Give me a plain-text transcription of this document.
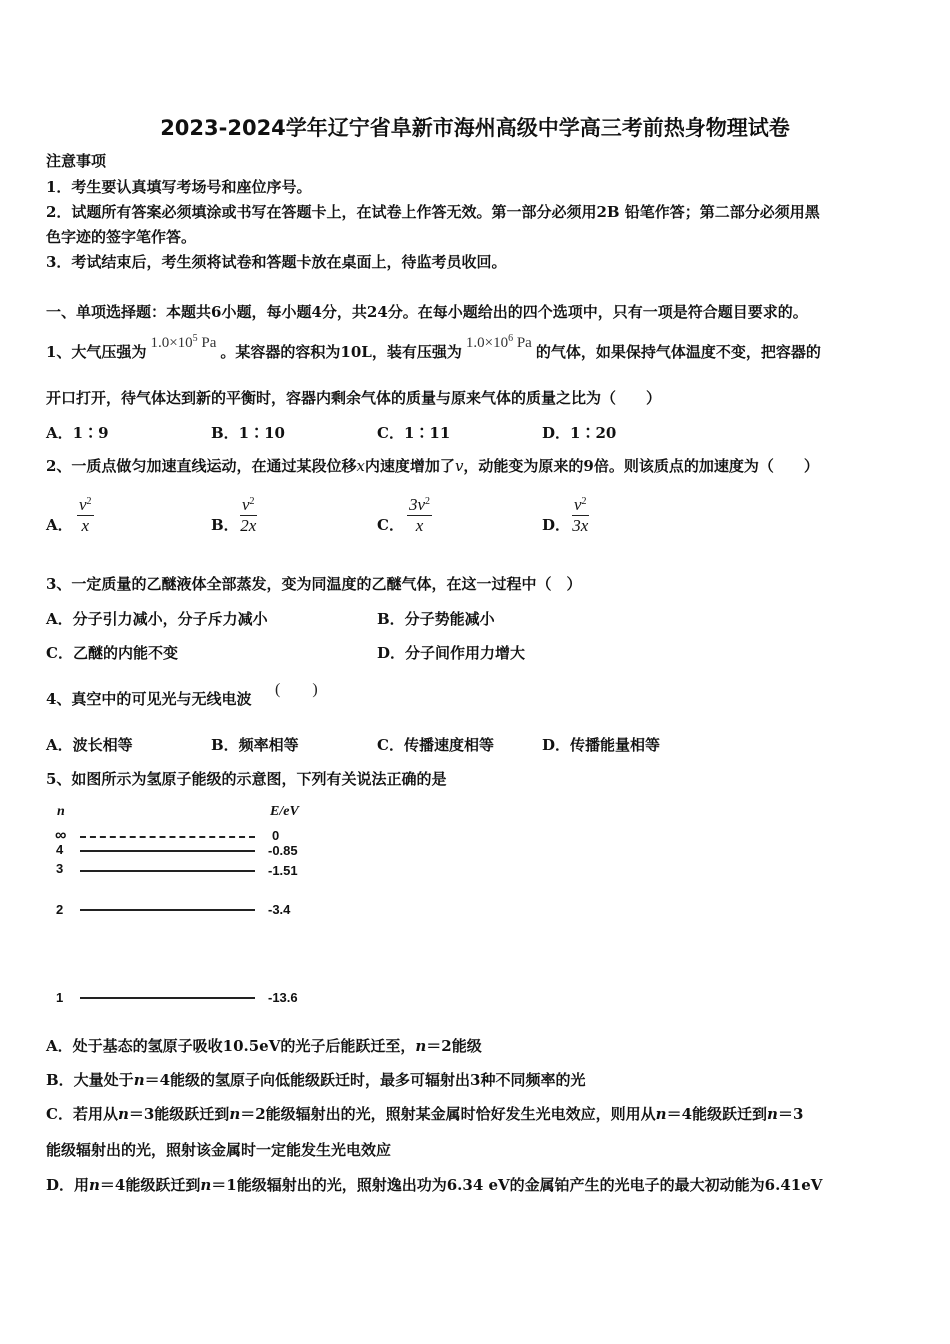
2023-2024学年辽宁省阜新市海州高级中学高三考前热身物理试卷
注意事项
1．考生要认真填写考场号和座位序号。
2．试题所有答案必须填涂或书写在答题卡上，在试卷上作答无效。第一部分必须用2B 铅笔作答；第二部分必须用黑
色字迹的签字笔作答。
3．考试结束后，考生须将试卷和答题卡放在桌面上，待监考员收回。
一、单项选择题：本题共6小题，每小题4分，共24分。在每小题给出的四个选项中，只有一项是符合题目要求的。
1、大气压强为 $1.0\times 10^5$ Pa 。某容器的容积为10L，装有压强为 $1.0\times 10^6$ Pa 的气体，如果保持气体温度不变，把容器的
开口打开，待气体达到新的平衡时，容器内剩余气体的质量与原来气体的质量之比为（　　）
A．1∶9	B．1∶10	C．1∶11	D．1∶20
2、一质点做匀加速直线运动，在通过某段位移x内速度增加了v，动能变为原来的9倍。则该质点的加速度为（　　）
A．
$v^2$
x	B．
$v^2$
2x	C．
$3v^2$
x	D．
$v^2$
3x
3、一定质量的乙醚液体全部蒸发，变为同温度的乙醚气体，在这一过程中（　）
A．分子引力减小，分子斥力减小	B．分子势能减小
C．乙醚的内能不变	D．分子间作用力增大
4、真空中的可见光与无线电波
(　　)
A．波长相等	B．频率相等	C．传播速度相等	D．传播能量相等
5、如图所示为氢原子能级的示意图，下列有关说法正确的是
n	E/eV
∞	0
4	-0.85
3	-1.51
2	-3.4
1	-13.6
A．处于基态的氢原子吸收10.5eV的光子后能跃迁至，n＝2能级
B．大量处于n＝4能级的氢原子向低能级跃迁时，最多可辐射出3种不同频率的光
C．若用从n＝3能级跃迁到n＝2能级辐射出的光，照射某金属时恰好发生光电效应，则用从n＝4能级跃迁到n＝3
能级辐射出的光，照射该金属时一定能发生光电效应
D．用n＝4能级跃迁到n＝1能级辐射出的光，照射逸出功为6.34 eV的金属铂产生的光电子的最大初动能为6.41eV
